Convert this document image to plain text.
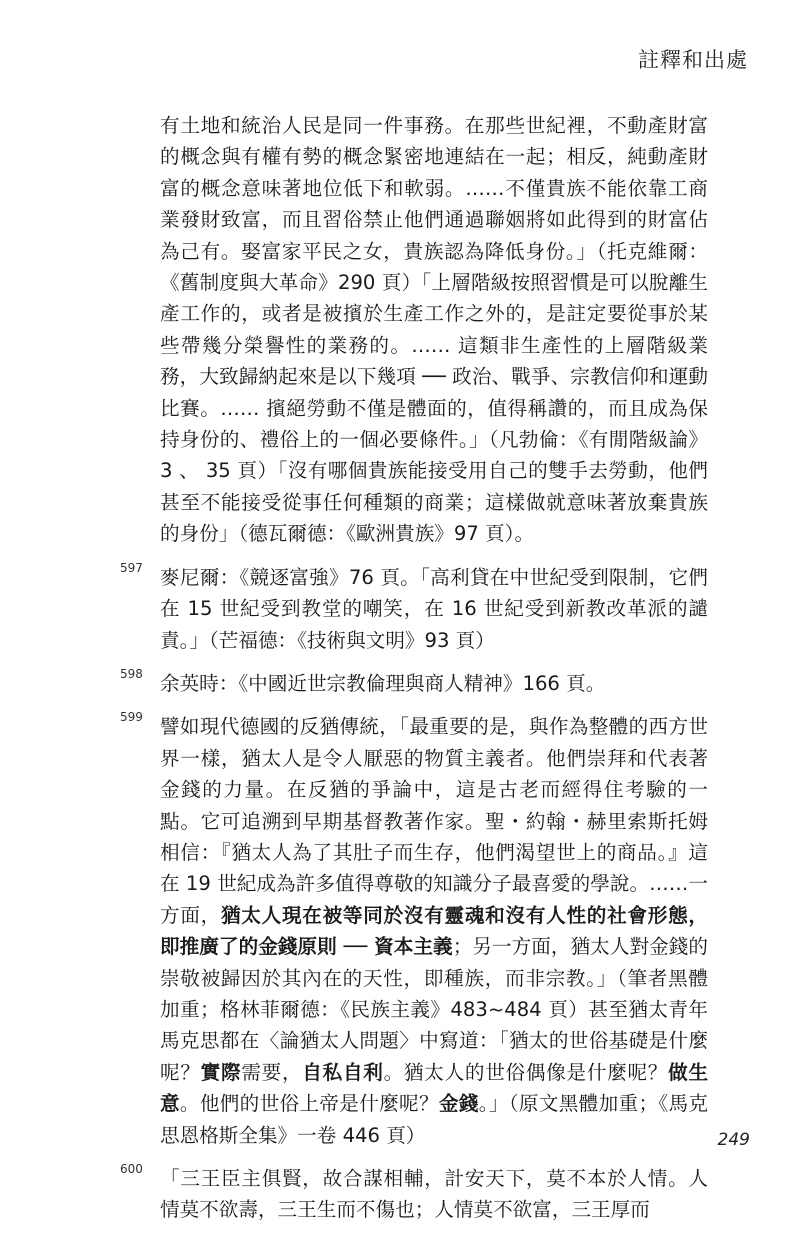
註釋和出處

有土地和統治人民是同一件事務。在那些世紀裡，不動產財富的概念與有權有勢的概念緊密地連結在一起；相反，純動產財富的概念意味著地位低下和軟弱。……不僅貴族不能依靠工商業發財致富，而且習俗禁止他們通過聯姻將如此得到的財富佔為己有。娶富家平民之女，貴族認為降低身份。」（托克維爾：《舊制度與大革命》290 頁）「上層階級按照習慣是可以脫離生產工作的，或者是被擯於生產工作之外的，是註定要從事於某些帶幾分榮譽性的業務的。…… 這類非生產性的上層階級業務，大致歸納起來是以下幾項 ── 政治、戰爭、宗教信仰和運動比賽。…… 擯絕勞動不僅是體面的，值得稱讚的，而且成為保持身份的、禮俗上的一個必要條件。」（凡勃倫：《有閒階級論》3 、 35 頁）「沒有哪個貴族能接受用自己的雙手去勞動，他們甚至不能接受從事任何種類的商業；這樣做就意味著放棄貴族的身份」（德瓦爾德：《歐洲貴族》97 頁）。

597 麥尼爾：《競逐富強》76 頁。「高利貸在中世紀受到限制，它們在 15 世紀受到教堂的嘲笑，在 16 世紀受到新教改革派的譴責。」（芒福德：《技術與文明》93 頁）

598 余英時：《中國近世宗教倫理與商人精神》166 頁。

599 譬如現代德國的反猶傳統，「最重要的是，與作為整體的西方世界一樣，猶太人是令人厭惡的物質主義者。他們崇拜和代表著金錢的力量。在反猶的爭論中，這是古老而經得住考驗的一點。它可追溯到早期基督教著作家。聖・約翰・赫里索斯托姆相信：『猶太人為了其肚子而生存，他們渴望世上的商品。』這在 19 世紀成為許多值得尊敬的知識分子最喜愛的學說。……一方面，猶太人現在被等同於沒有靈魂和沒有人性的社會形態，即推廣了的金錢原則 ── 資本主義；另一方面，猶太人對金錢的崇敬被歸因於其內在的天性，即種族，而非宗教。」（筆者黑體加重；格林菲爾德：《民族主義》483~484 頁）甚至猶太青年馬克思都在〈論猶太人問題〉中寫道：「猶太的世俗基礎是什麼呢？實際需要，自私自利。猶太人的世俗偶像是什麼呢？做生意。他們的世俗上帝是什麼呢？金錢。」（原文黑體加重；《馬克思恩格斯全集》一卷 446 頁）

600 「三王臣主俱賢，故合謀相輔，計安天下，莫不本於人情。人情莫不欲壽，三王生而不傷也；人情莫不欲富，三王厚而

249
